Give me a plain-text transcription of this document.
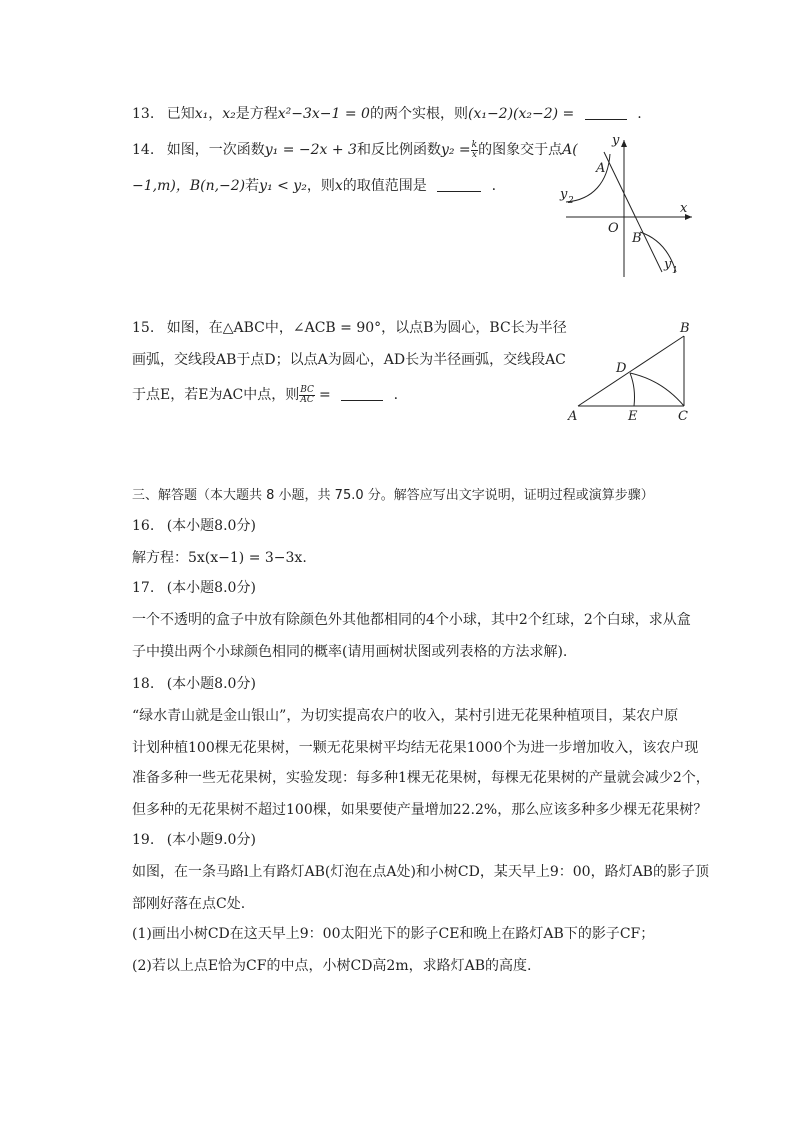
13. 已知x₁，x₂是方程x²−3x−1 = 0的两个实根，则(x₁−2)(x₂−2) =	.
14. 如图，一次函数y₁ = −2x + 3和反比例函数$y_2 = \frac{k}{x}$ 的图象交于点A(
−1,m)，B(n,−2)若y₁ < y₂，则x的取值范围是	.
y
x
O
A
B
y 2
y 1
15. 如图，在△ABC中，∠ACB = 90°，以点B为圆心，BC长为半径
画弧，交线段AB于点D；以点A为圆心，AD长为半径画弧，交线段AC
于点E，若E为AC中点，则 $\frac{BC}{AC}$ =	.
A
B
C
D
E
三、解答题（本大题共 8 小题，共 75.0 分。解答应写出文字说明，证明过程或演算步骤）
16. (本小题8.0分)
解方程：5x(x−1) = 3−3x.
17. (本小题8.0分)
一个不透明的盒子中放有除颜色外其他都相同的4个小球，其中2个红球，2个白球，求从盒
子中摸出两个小球颜色相同的概率(请用画树状图或列表格的方法求解).
18. (本小题8.0分)
“绿水青山就是金山银山”，为切实提高农户的收入，某村引进无花果种植项目，某农户原
计划种植100棵无花果树，一颗无花果树平均结无花果1000个为进一步增加收入，该农户现
准备多种一些无花果树，实验发现：每多种1棵无花果树，每棵无花果树的产量就会减少2个，
但多种的无花果树不超过100棵，如果要使产量增加22.2%，那么应该多种多少棵无花果树？
19. (本小题9.0分)
如图，在一条马路l上有路灯AB(灯泡在点A处)和小树CD，某天早上9：00，路灯AB的影子顶
部刚好落在点C处.
(1)画出小树CD在这天早上9：00太阳光下的影子CE和晚上在路灯AB下的影子CF；
(2)若以上点E恰为CF的中点，小树CD高2m，求路灯AB的高度.
